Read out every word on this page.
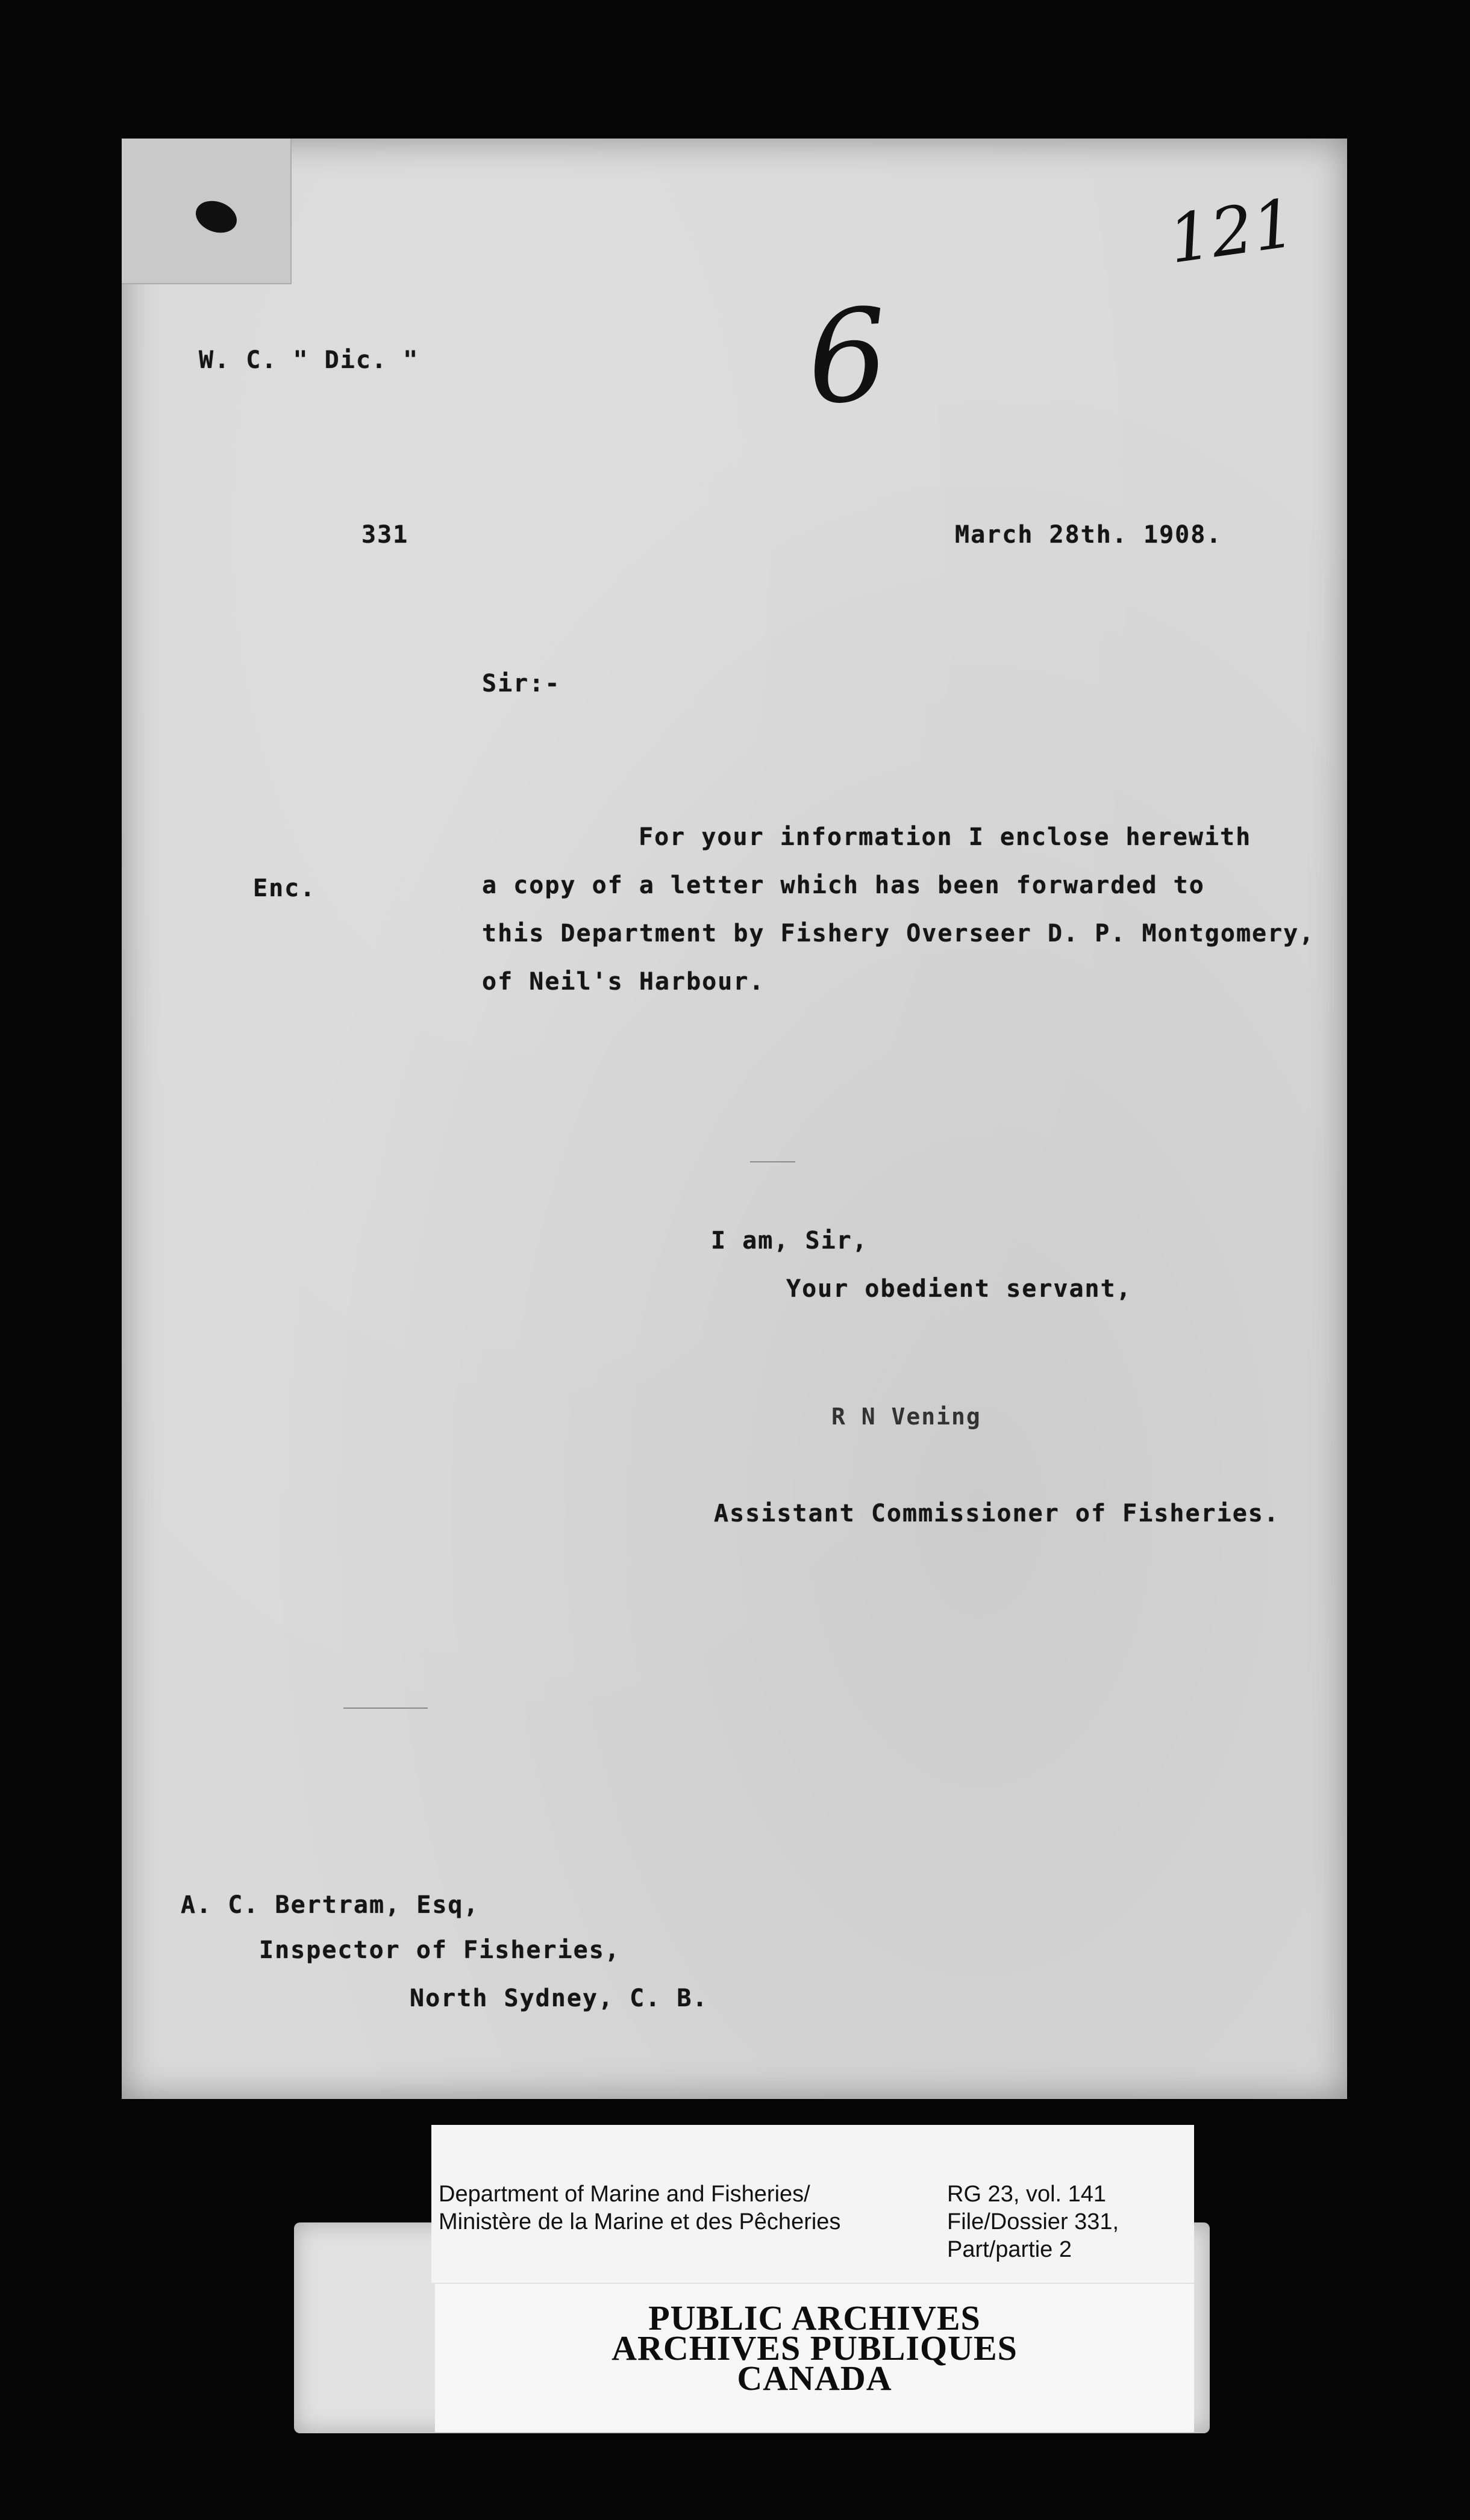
121
6
W. C. " Dic. "
331	March 28th. 1908.
Sir:-
Enc.
For your information I enclose herewith
a copy of a letter which has been forwarded to
this Department by Fishery Overseer D. P. Montgomery,
of Neil's Harbour.
I am, Sir,
Your obedient servant,
R N Vening
Assistant Commissioner of Fisheries.
A. C. Bertram, Esq,
Inspector of Fisheries,
North Sydney, C. B.
Department of Marine and Fisheries/
Ministère de la Marine et des Pêcheries
RG 23, vol. 141
File/Dossier 331,
Part/partie 2
PUBLIC ARCHIVES
ARCHIVES PUBLIQUES
CANADA
